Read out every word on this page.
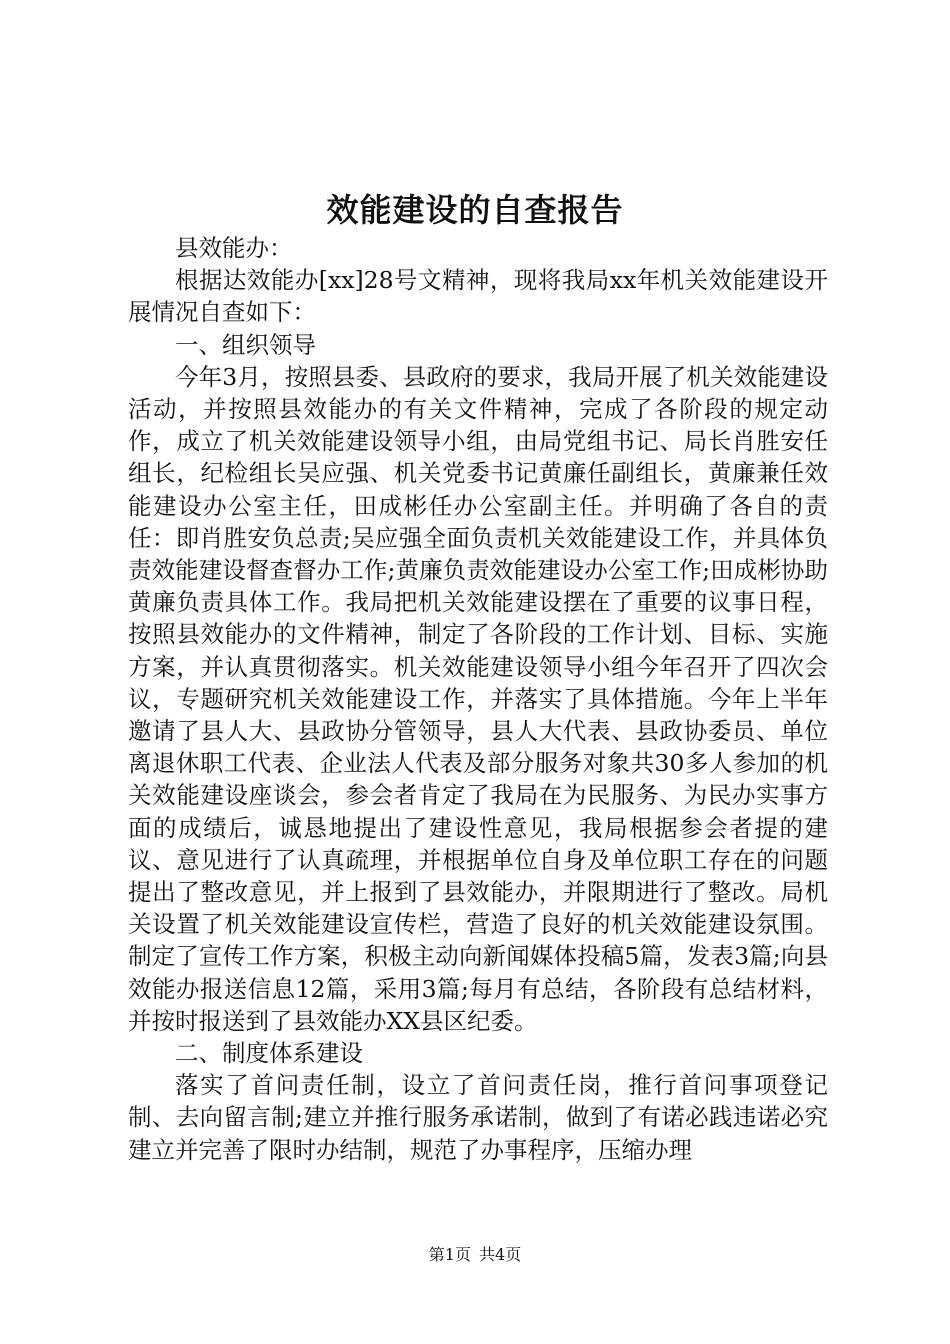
效能建设的自查报告

县效能办：

根据达效能办[xx]28号文精神，现将我局xx年机关效能建设开展情况自查如下：

一、组织领导

今年3月，按照县委、县政府的要求，我局开展了机关效能建设活动，并按照县效能办的有关文件精神，完成了各阶段的规定动作，成立了机关效能建设领导小组，由局党组书记、局长肖胜安任组长，纪检组长吴应强、机关党委书记黄廉任副组长，黄廉兼任效能建设办公室主任，田成彬任办公室副主任。并明确了各自的责任：即肖胜安负总责;吴应强全面负责机关效能建设工作，并具体负责效能建设督查督办工作;黄廉负责效能建设办公室工作;田成彬协助黄廉负责具体工作。我局把机关效能建设摆在了重要的议事日程，按照县效能办的文件精神，制定了各阶段的工作计划、目标、实施方案，并认真贯彻落实。机关效能建设领导小组今年召开了四次会议，专题研究机关效能建设工作，并落实了具体措施。今年上半年邀请了县人大、县政协分管领导，县人大代表、县政协委员、单位离退休职工代表、企业法人代表及部分服务对象共30多人参加的机关效能建设座谈会，参会者肯定了我局在为民服务、为民办实事方面的成绩后，诚恳地提出了建设性意见，我局根据参会者提的建议、意见进行了认真疏理，并根据单位自身及单位职工存在的问题提出了整改意见，并上报到了县效能办，并限期进行了整改。局机关设置了机关效能建设宣传栏，营造了良好的机关效能建设氛围。制定了宣传工作方案，积极主动向新闻媒体投稿5篇，发表3篇;向县效能办报送信息12篇，采用3篇;每月有总结，各阶段有总结材料，并按时报送到了县效能办XX县区纪委。

二、制度体系建设

落实了首问责任制，设立了首问责任岗，推行首问事项登记制、去向留言制;建立并推行服务承诺制，做到了有诺必践违诺必究建立并完善了限时办结制，规范了办事程序，压缩办理

第1页 共4页
